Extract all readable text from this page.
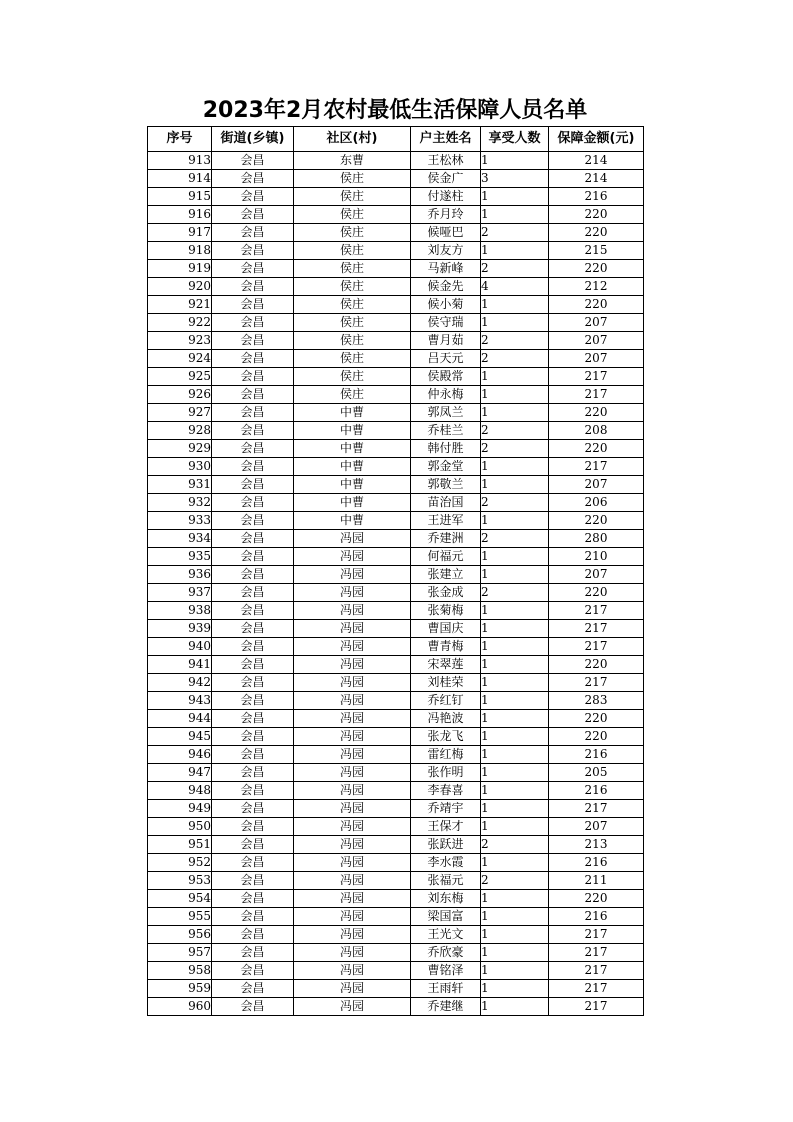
2023年2月农村最低生活保障人员名单
序号	街道(乡镇)	社区(村)	户主姓名	享受人数	保障金额(元)
913	会昌	东曹	王松林	1	214
914	会昌	侯庄	侯金广	3	214
915	会昌	侯庄	付遂柱	1	216
916	会昌	侯庄	乔月玲	1	220
917	会昌	侯庄	候哑巴	2	220
918	会昌	侯庄	刘友方	1	215
919	会昌	侯庄	马新峰	2	220
920	会昌	侯庄	候金先	4	212
921	会昌	侯庄	候小菊	1	220
922	会昌	侯庄	侯守瑞	1	207
923	会昌	侯庄	曹月茹	2	207
924	会昌	侯庄	吕天元	2	207
925	会昌	侯庄	侯殿常	1	217
926	会昌	侯庄	仲永梅	1	217
927	会昌	中曹	郭凤兰	1	220
928	会昌	中曹	乔桂兰	2	208
929	会昌	中曹	韩付胜	2	220
930	会昌	中曹	郭金堂	1	217
931	会昌	中曹	郭敬兰	1	207
932	会昌	中曹	苗治国	2	206
933	会昌	中曹	王进军	1	220
934	会昌	冯园	乔建洲	2	280
935	会昌	冯园	何福元	1	210
936	会昌	冯园	张建立	1	207
937	会昌	冯园	张金成	2	220
938	会昌	冯园	张菊梅	1	217
939	会昌	冯园	曹国庆	1	217
940	会昌	冯园	曹青梅	1	217
941	会昌	冯园	宋翠莲	1	220
942	会昌	冯园	刘桂荣	1	217
943	会昌	冯园	乔红钉	1	283
944	会昌	冯园	冯艳波	1	220
945	会昌	冯园	张龙飞	1	220
946	会昌	冯园	雷红梅	1	216
947	会昌	冯园	张作明	1	205
948	会昌	冯园	李春喜	1	216
949	会昌	冯园	乔靖宇	1	217
950	会昌	冯园	王保才	1	207
951	会昌	冯园	张跃进	2	213
952	会昌	冯园	李水霞	1	216
953	会昌	冯园	张福元	2	211
954	会昌	冯园	刘东梅	1	220
955	会昌	冯园	梁国富	1	216
956	会昌	冯园	王光文	1	217
957	会昌	冯园	乔欣豪	1	217
958	会昌	冯园	曹铭泽	1	217
959	会昌	冯园	王雨轩	1	217
960	会昌	冯园	乔建继	1	217
